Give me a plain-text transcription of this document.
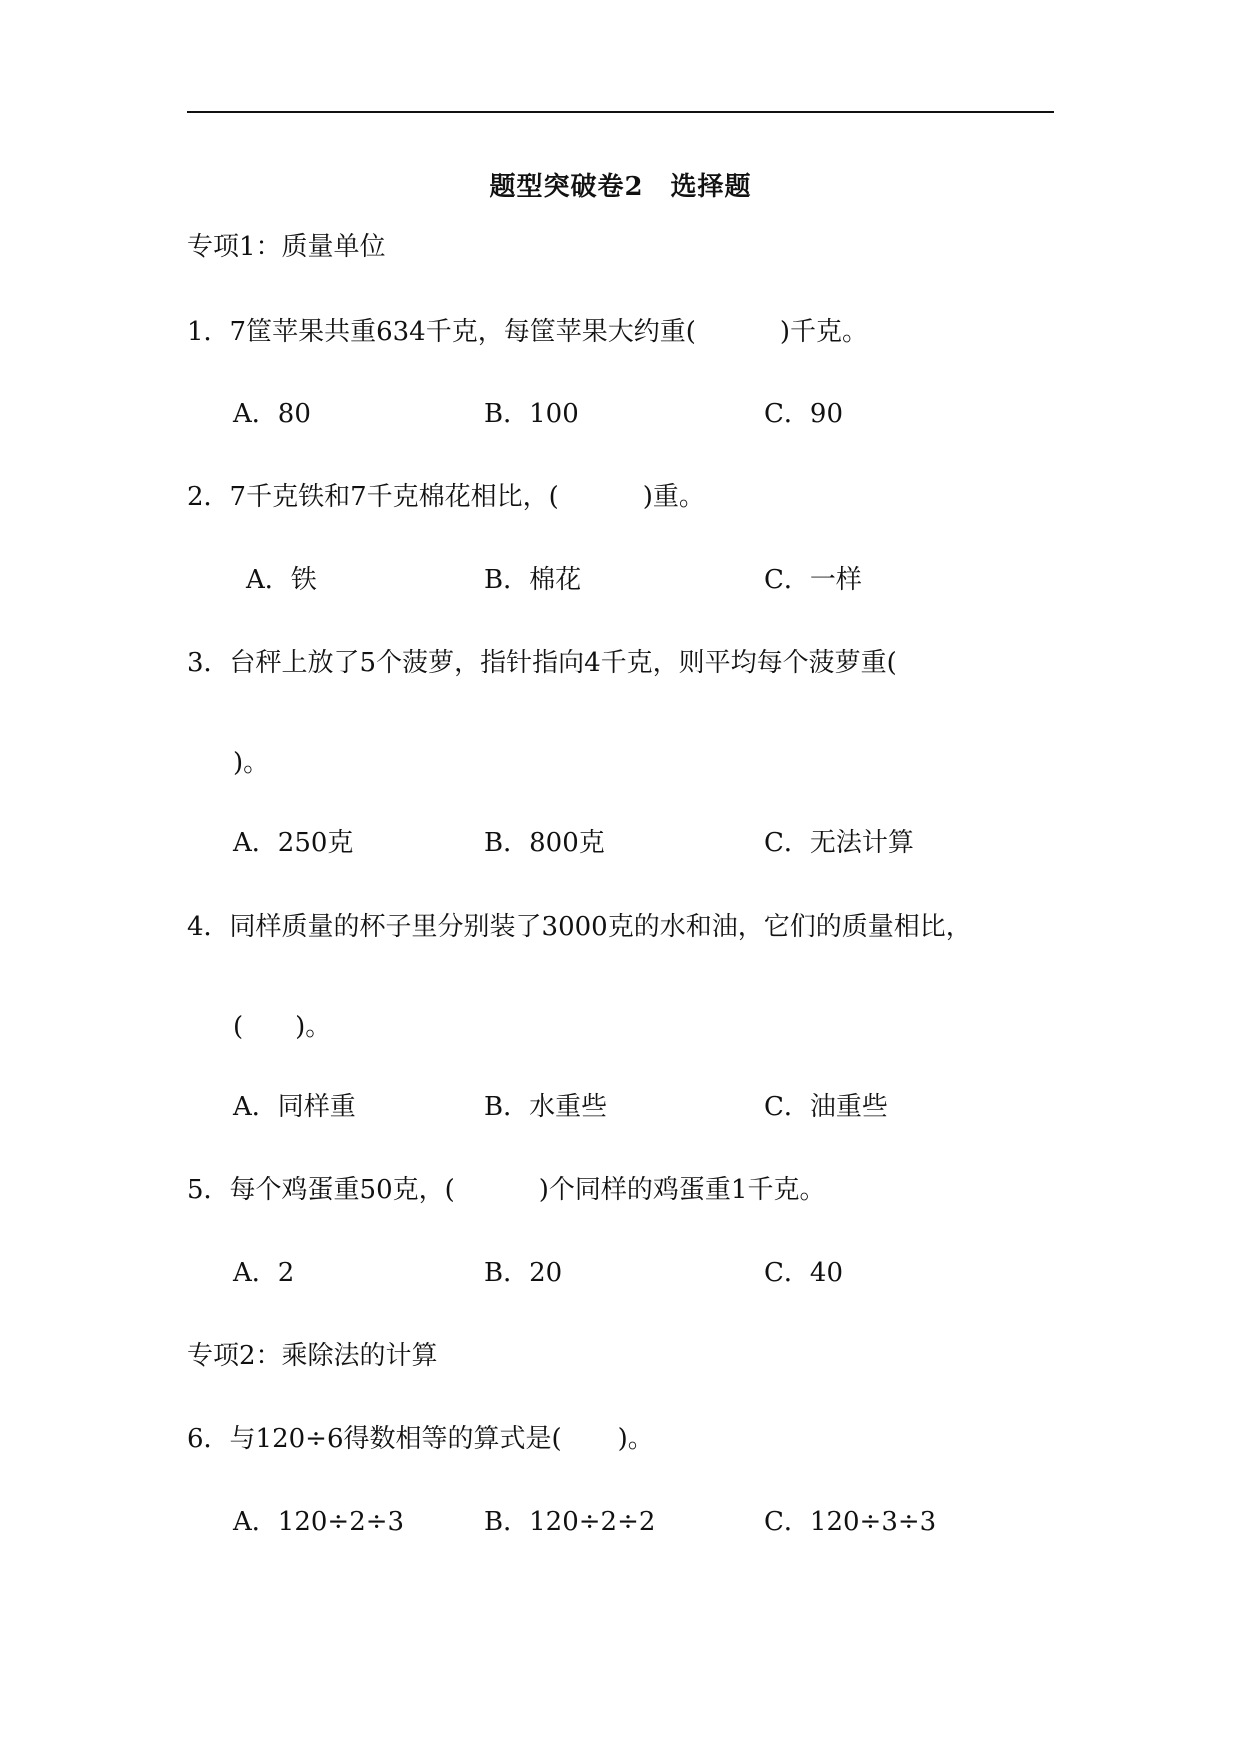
题型突破卷2　选择题
专项1：质量单位
1．7筐苹果共重634千克，每筐苹果大约重(	)千克。
A．80	B．100	C．90
2．7千克铁和7千克棉花相比，(	)重。
A．铁	B．棉花	C．一样
3．台秤上放了5个菠萝，指针指向4千克，则平均每个菠萝重(
)。
A．250克	B．800克	C．无法计算
4．同样质量的杯子里分别装了3000克的水和油，它们的质量相比，
(　　)。
A．同样重	B．水重些	C．油重些
5．每个鸡蛋重50克，(	)个同样的鸡蛋重1千克。
A．2	B．20	C．40
专项2：乘除法的计算
6．与120÷6得数相等的算式是( )。
A．120÷2÷3	B．120÷2÷2	C．120÷3÷3
